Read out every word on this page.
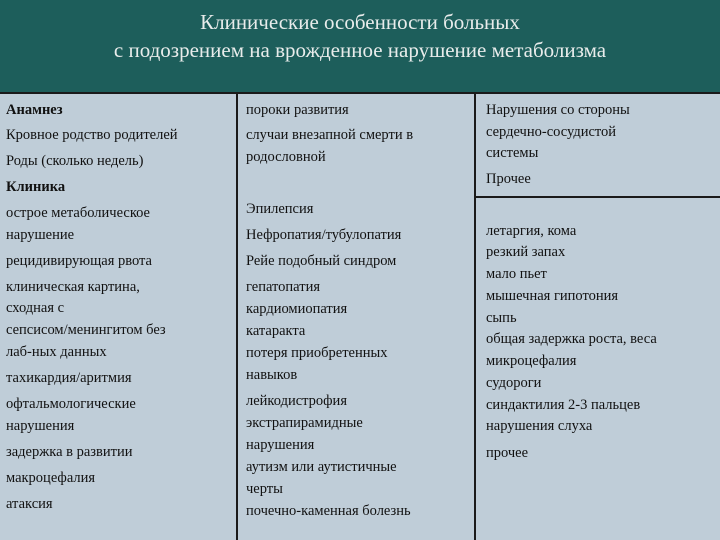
Клинические особенности больных
с подозрением на врожденное нарушение метаболизма
Анамнез
Кровное родство родителей
Роды (сколько недель)
Клиника
острое метаболическое
нарушение
рецидивирующая рвота
клиническая картина,
сходная с
сепсисом/менингитом без
лаб-ных данных
тахикардия/аритмия
офтальмологические
нарушения
задержка в развитии
макроцефалия
атаксия
пороки развития
случаи внезапной смерти в
родословной
Эпилепсия
Нефропатия/тубулопатия
Рейе подобный синдром
гепатопатия
кардиомиопатия
катаракта
потеря приобретенных
навыков
лейкодистрофия
экстрапирамидные
нарушения
аутизм или аутистичные
черты
почечно-каменная болезнь
Нарушения со стороны
сердечно-сосудистой
системы
Прочее
летаргия, кома
резкий запах
мало пьет
мышечная гипотония
сыпь
общая задержка роста, веса
микроцефалия
судороги
синдактилия 2-3 пальцев
нарушения слуха
прочее
